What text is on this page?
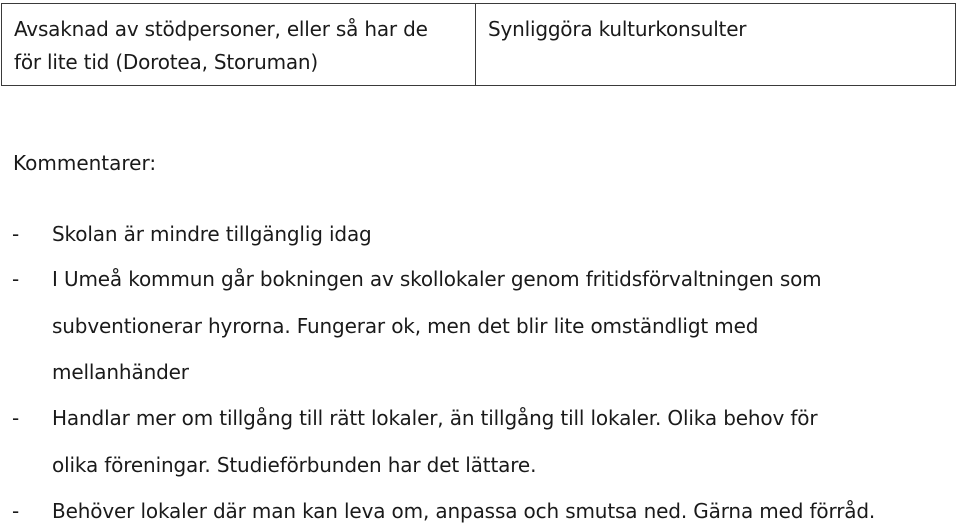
Avsaknad av stödpersoner, eller så har de
för lite tid (Dorotea, Storuman)
Synliggöra kulturkonsulter

Kommentarer:

- Skolan är mindre tillgänglig idag
- I Umeå kommun går bokningen av skollokaler genom fritidsförvaltningen som
subventionerar hyrorna. Fungerar ok, men det blir lite omständligt med
mellanhänder
- Handlar mer om tillgång till rätt lokaler, än tillgång till lokaler. Olika behov för
olika föreningar. Studieförbunden har det lättare.
- Behöver lokaler där man kan leva om, anpassa och smutsa ned. Gärna med förråd.
